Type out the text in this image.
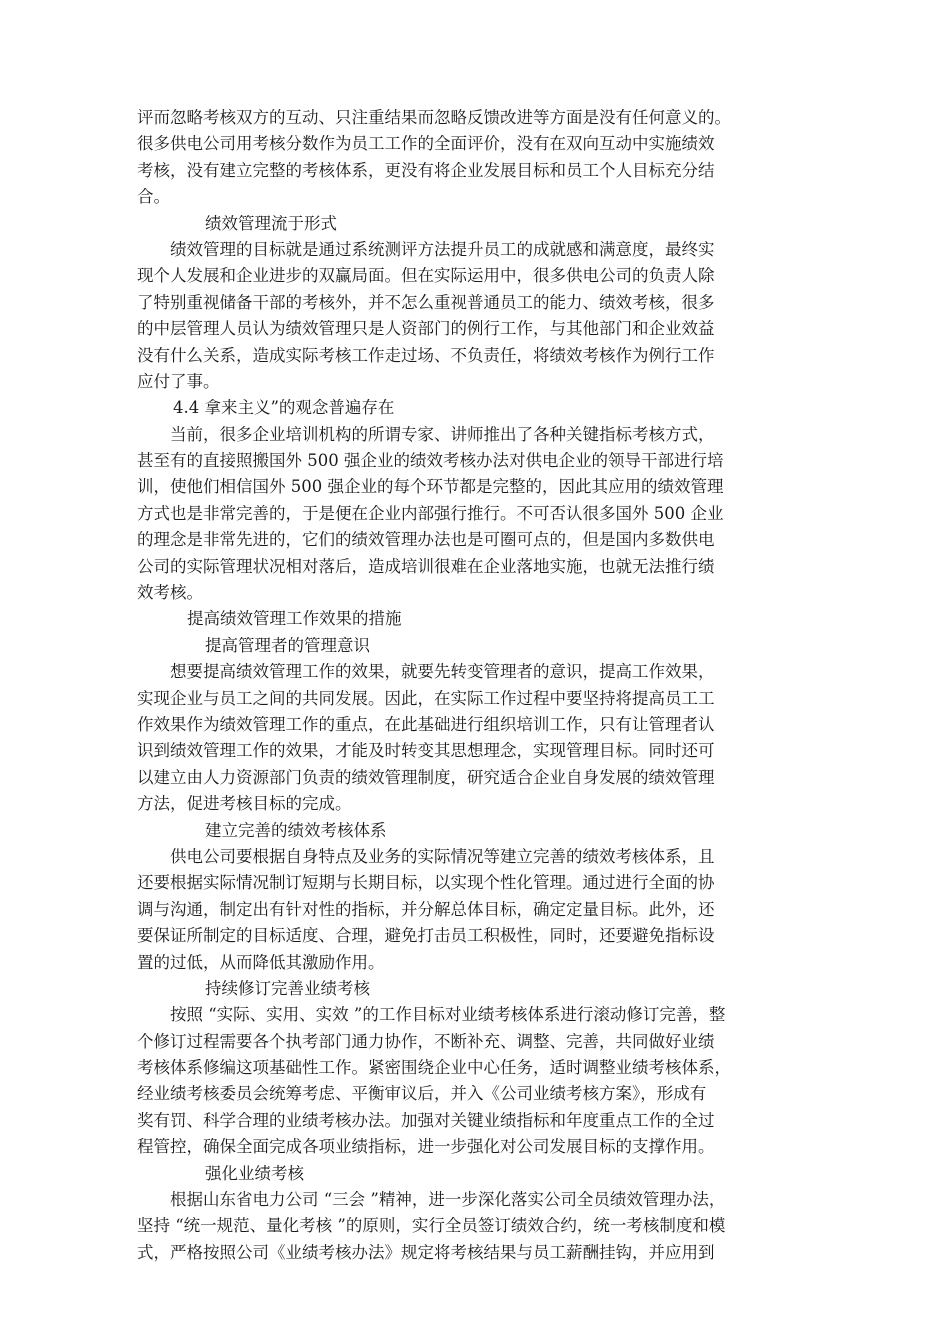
评而忽略考核双方的互动、只注重结果而忽略反馈改进等方面是没有任何意义的。
很多供电公司用考核分数作为员工工作的全面评价，没有在双向互动中实施绩效
考核，没有建立完整的考核体系，更没有将企业发展目标和员工个人目标充分结
合。
绩效管理流于形式
绩效管理的目标就是通过系统测评方法提升员工的成就感和满意度，最终实
现个人发展和企业进步的双赢局面。但在实际运用中，很多供电公司的负责人除
了特别重视储备干部的考核外，并不怎么重视普通员工的能力、绩效考核，很多
的中层管理人员认为绩效管理只是人资部门的例行工作，与其他部门和企业效益
没有什么关系，造成实际考核工作走过场、不负责任，将绩效考核作为例行工作
应付了事。
4.4 拿来主义”的观念普遍存在
当前，很多企业培训机构的所谓专家、讲师推出了各种关键指标考核方式，
甚至有的直接照搬国外 500 强企业的绩效考核办法对供电企业的领导干部进行培
训，使他们相信国外 500 强企业的每个环节都是完整的，因此其应用的绩效管理
方式也是非常完善的，于是便在企业内部强行推行。不可否认很多国外 500 企业
的理念是非常先进的，它们的绩效管理办法也是可圈可点的，但是国内多数供电
公司的实际管理状况相对落后，造成培训很难在企业落地实施，也就无法推行绩
效考核。
提高绩效管理工作效果的措施
提高管理者的管理意识
想要提高绩效管理工作的效果，就要先转变管理者的意识，提高工作效果，
实现企业与员工之间的共同发展。因此，在实际工作过程中要坚持将提高员工工
作效果作为绩效管理工作的重点，在此基础进行组织培训工作，只有让管理者认
识到绩效管理工作的效果，才能及时转变其思想理念，实现管理目标。同时还可
以建立由人力资源部门负责的绩效管理制度，研究适合企业自身发展的绩效管理
方法，促进考核目标的完成。
建立完善的绩效考核体系
供电公司要根据自身特点及业务的实际情况等建立完善的绩效考核体系，且
还要根据实际情况制订短期与长期目标，以实现个性化管理。通过进行全面的协
调与沟通，制定出有针对性的指标，并分解总体目标，确定定量目标。此外，还
要保证所制定的目标适度、合理，避免打击员工积极性，同时，还要避免指标设
置的过低，从而降低其激励作用。
持续修订完善业绩考核
按照 “实际、实用、实效 ”的工作目标对业绩考核体系进行滚动修订完善，整
个修订过程需要各个执考部门通力协作，不断补充、调整、完善，共同做好业绩
考核体系修编这项基础性工作。紧密围绕企业中心任务，适时调整业绩考核体系，
经业绩考核委员会统筹考虑、平衡审议后，并入《公司业绩考核方案》，形成有
奖有罚、科学合理的业绩考核办法。加强对关键业绩指标和年度重点工作的全过
程管控，确保全面完成各项业绩指标，进一步强化对公司发展目标的支撑作用。
强化业绩考核
根据山东省电力公司 “三会 ”精神，进一步深化落实公司全员绩效管理办法，
坚持 “统一规范、量化考核 ”的原则，实行全员签订绩效合约，统一考核制度和模
式，严格按照公司《业绩考核办法》规定将考核结果与员工薪酬挂钩，并应用到
